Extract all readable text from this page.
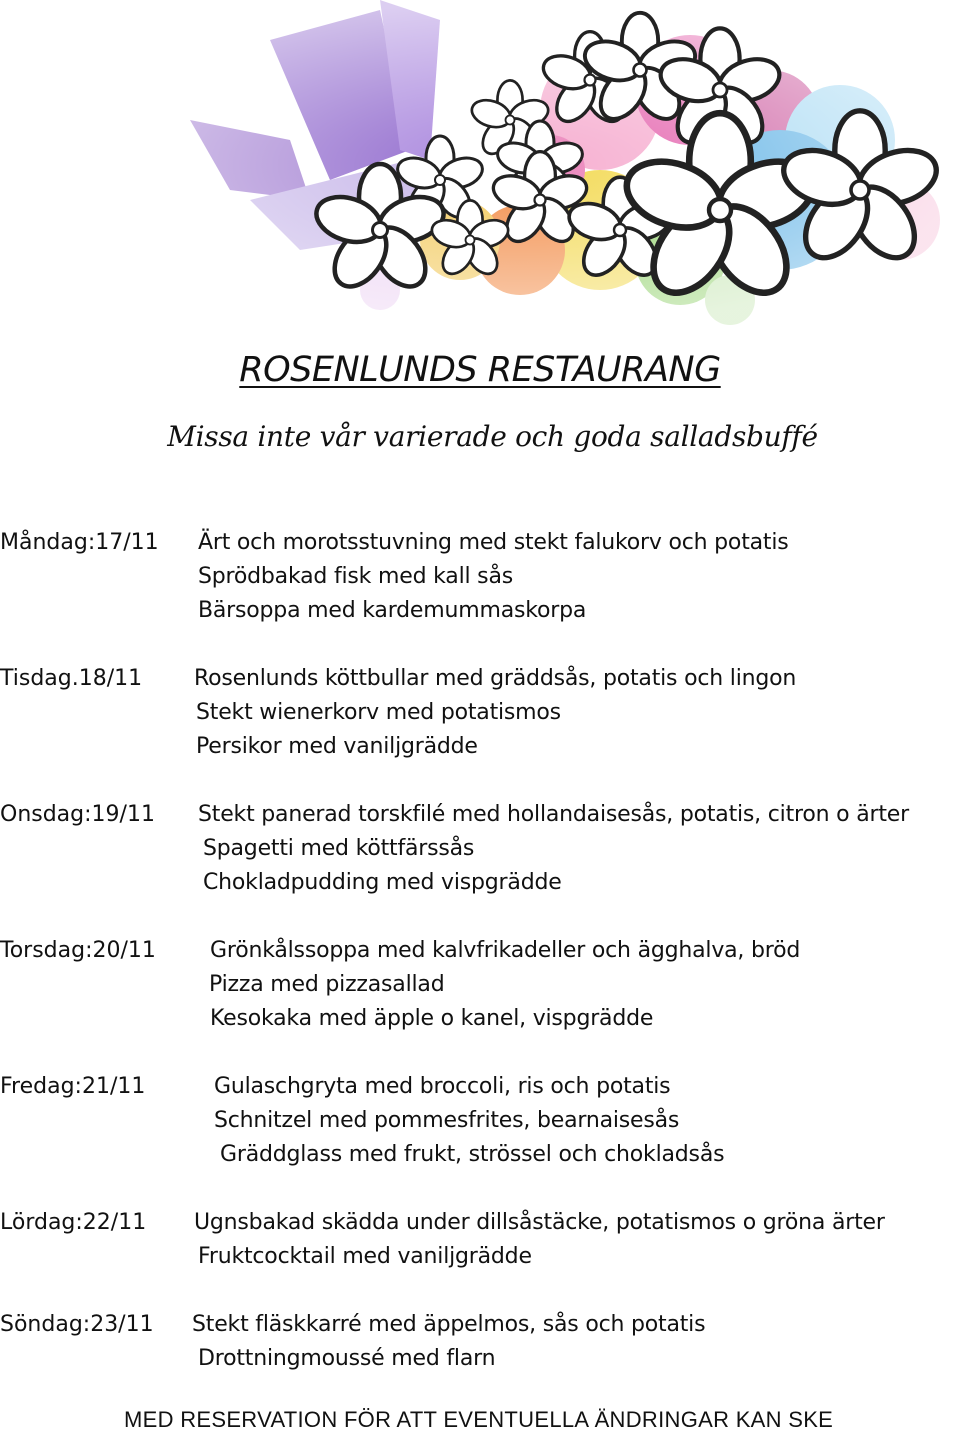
ROSENLUNDS RESTAURANG
Missa inte vår varierade och goda salladsbuffé
Måndag:17/11 Ärt och morotsstuvning med stekt falukorv och potatis
Sprödbakad fisk med kall sås
Bärsoppa med kardemummaskorpa
Tisdag.18/11 Rosenlunds köttbullar med gräddsås, potatis och lingon
Stekt wienerkorv med potatismos
Persikor med vaniljgrädde
Onsdag:19/11 Stekt panerad torskfilé med hollandaisesås, potatis, citron o ärter
Spagetti med köttfärssås
Chokladpudding med vispgrädde
Torsdag:20/11 Grönkålssoppa med kalvfrikadeller och ägghalva, bröd
Pizza med pizzasallad
Kesokaka med äpple o kanel, vispgrädde
Fredag:21/11	Gulaschgryta med broccoli, ris och potatis
Schnitzel med pommesfrites, bearnaisesås
Gräddglass med frukt, strössel och chokladsås
Lördag:22/11 Ugnsbakad skädda under dillsåstäcke, potatismos o gröna ärter
Fruktcocktail med vaniljgrädde
Söndag:23/11 Stekt fläskkarré med äppelmos, sås och potatis
Drottningmoussé med flarn
MED RESERVATION FÖR ATT EVENTUELLA ÄNDRINGAR KAN SKE
